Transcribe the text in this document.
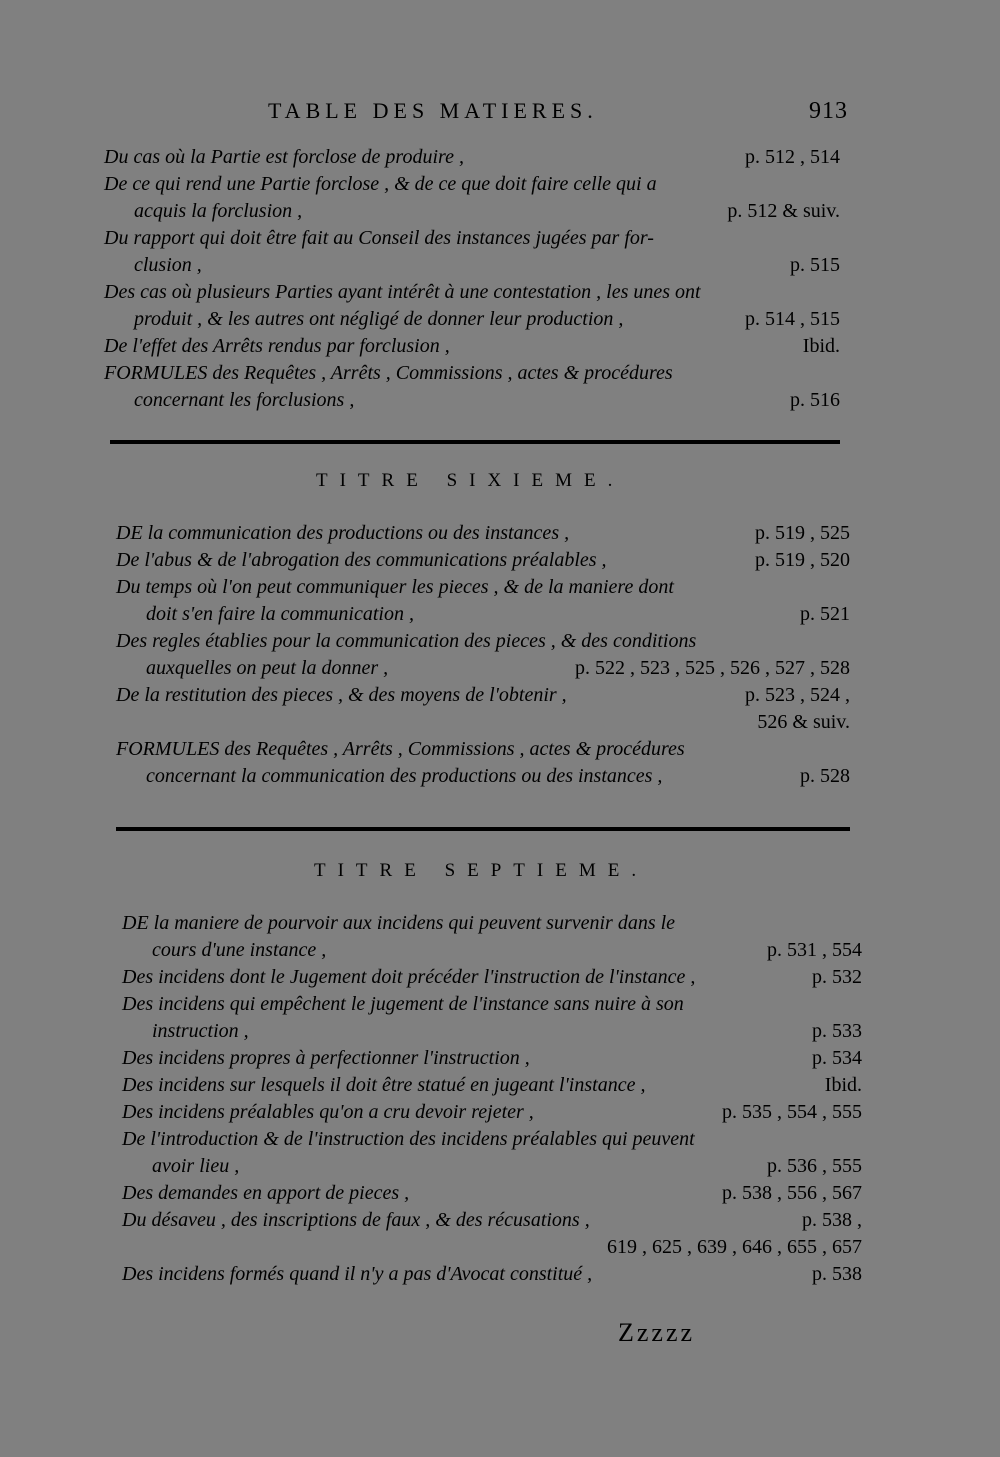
TABLE DES MATIERES.	913
Du cas où la Partie est forclose de produire ,	p. 512 , 514
De ce qui rend une Partie forclose , & de ce que doit faire celle qui a
acquis la forclusion ,	p. 512 & suiv.
Du rapport qui doit être fait au Conseil des instances jugées par for-
clusion ,	p. 515
Des cas où plusieurs Parties ayant intérêt à une contestation , les unes ont
produit , & les autres ont négligé de donner leur production ,	p. 514 , 515
De l'effet des Arrêts rendus par forclusion ,	Ibid.
FORMULES des Requêtes , Arrêts , Commissions , actes & procédures
concernant les forclusions ,	p. 516
TITRE SIXIEME.
DE la communication des productions ou des instances ,	p. 519 , 525
De l'abus & de l'abrogation des communications préalables ,	p. 519 , 520
Du temps où l'on peut communiquer les pieces , & de la maniere dont
doit s'en faire la communication ,	p. 521
Des regles établies pour la communication des pieces , & des conditions
auxquelles on peut la donner ,	p. 522 , 523 , 525 , 526 , 527 , 528
De la restitution des pieces , & des moyens de l'obtenir ,	p. 523 , 524 ,
526 & suiv.
FORMULES des Requêtes , Arrêts , Commissions , actes & procédures
concernant la communication des productions ou des instances ,	p. 528
TITRE SEPTIEME.
DE la maniere de pourvoir aux incidens qui peuvent survenir dans le
cours d'une instance ,	p. 531 , 554
Des incidens dont le Jugement doit précéder l'instruction de l'instance ,	p. 532
Des incidens qui empêchent le jugement de l'instance sans nuire à son
instruction ,	p. 533
Des incidens propres à perfectionner l'instruction ,	p. 534
Des incidens sur lesquels il doit être statué en jugeant l'instance ,	Ibid.
Des incidens préalables qu'on a cru devoir rejeter ,	p. 535 , 554 , 555
De l'introduction & de l'instruction des incidens préalables qui peuvent
avoir lieu ,	p. 536 , 555
Des demandes en apport de pieces ,	p. 538 , 556 , 567
Du désaveu , des inscriptions de faux , & des récusations ,	p. 538 ,
619 , 625 , 639 , 646 , 655 , 657
Des incidens formés quand il n'y a pas d'Avocat constitué ,	p. 538
Zzzzz
